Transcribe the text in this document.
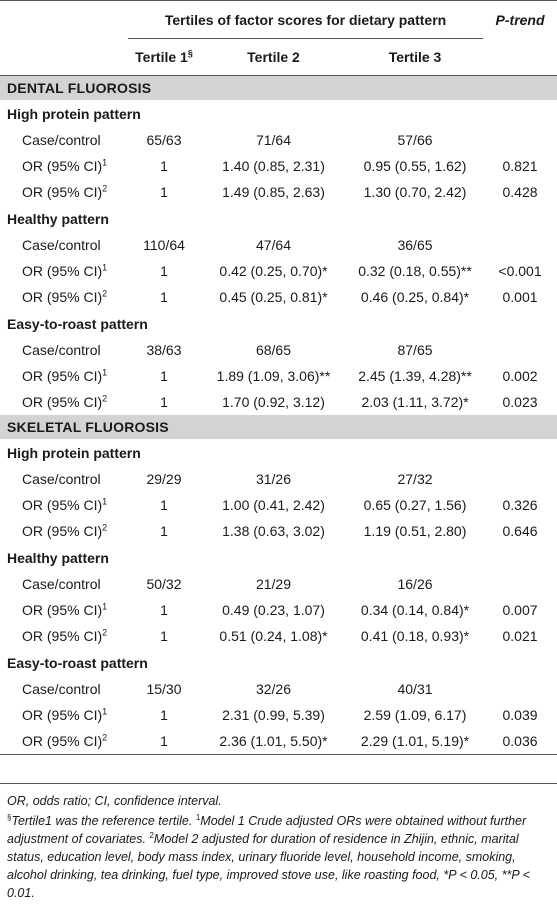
	Tertiles of factor scores for dietary pattern			P-trend
	Tertile 1§	Tertile 2	Tertile 3	
DENTAL FLUOROSIS				
High protein pattern				
Case/control	65/63	71/64	57/66	
OR (95% CI)$^1$	1	1.40 (0.85, 2.31)	0.95 (0.55, 1.62)	0.821
OR (95% CI)$^2$	1	1.49 (0.85, 2.63)	1.30 (0.70, 2.42)	0.428
Healthy pattern				
Case/control	110/64	47/64	36/65	
OR (95% CI)$^1$	1	0.42 (0.25, 0.70)*	0.32 (0.18, 0.55)**	<0.001
OR (95% CI)$^2$	1	0.45 (0.25, 0.81)*	0.46 (0.25, 0.84)*	0.001
Easy-to-roast pattern				
Case/control	38/63	68/65	87/65	
OR (95% CI)$^1$	1	1.89 (1.09, 3.06)**	2.45 (1.39, 4.28)**	0.002
OR (95% CI)$^2$	1	1.70 (0.92, 3.12)	2.03 (1.11, 3.72)*	0.023
SKELETAL FLUOROSIS				
High protein pattern				
Case/control	29/29	31/26	27/32	
OR (95% CI)$^1$	1	1.00 (0.41, 2.42)	0.65 (0.27, 1.56)	0.326
OR (95% CI)$^2$	1	1.38 (0.63, 3.02)	1.19 (0.51, 2.80)	0.646
Healthy pattern				
Case/control	50/32	21/29	16/26	
OR (95% CI)$^1$	1	0.49 (0.23, 1.07)	0.34 (0.14, 0.84)*	0.007
OR (95% CI)$^2$	1	0.51 (0.24, 1.08)*	0.41 (0.18, 0.93)*	0.021
Easy-to-roast pattern				
Case/control	15/30	32/26	40/31	
OR (95% CI)$^1$	1	2.31 (0.99, 5.39)	2.59 (1.09, 6.17)	0.039
OR (95% CI)$^2$	1	2.36 (1.01, 5.50)*	2.29 (1.01, 5.19)*	0.036

OR, odds ratio; CI, confidence interval.

§Tertile1 was the reference tertile. $^1$Model 1 Crude adjusted ORs were obtained without further adjustment of covariates. $^2$Model 2 adjusted for duration of residence in Zhijin, ethnic, marital status, education level, body mass index, urinary fluoride level, household income, smoking, alcohol drinking, tea drinking, fuel type, improved stove use, like roasting food, *P < 0.05, **P < 0.01.
